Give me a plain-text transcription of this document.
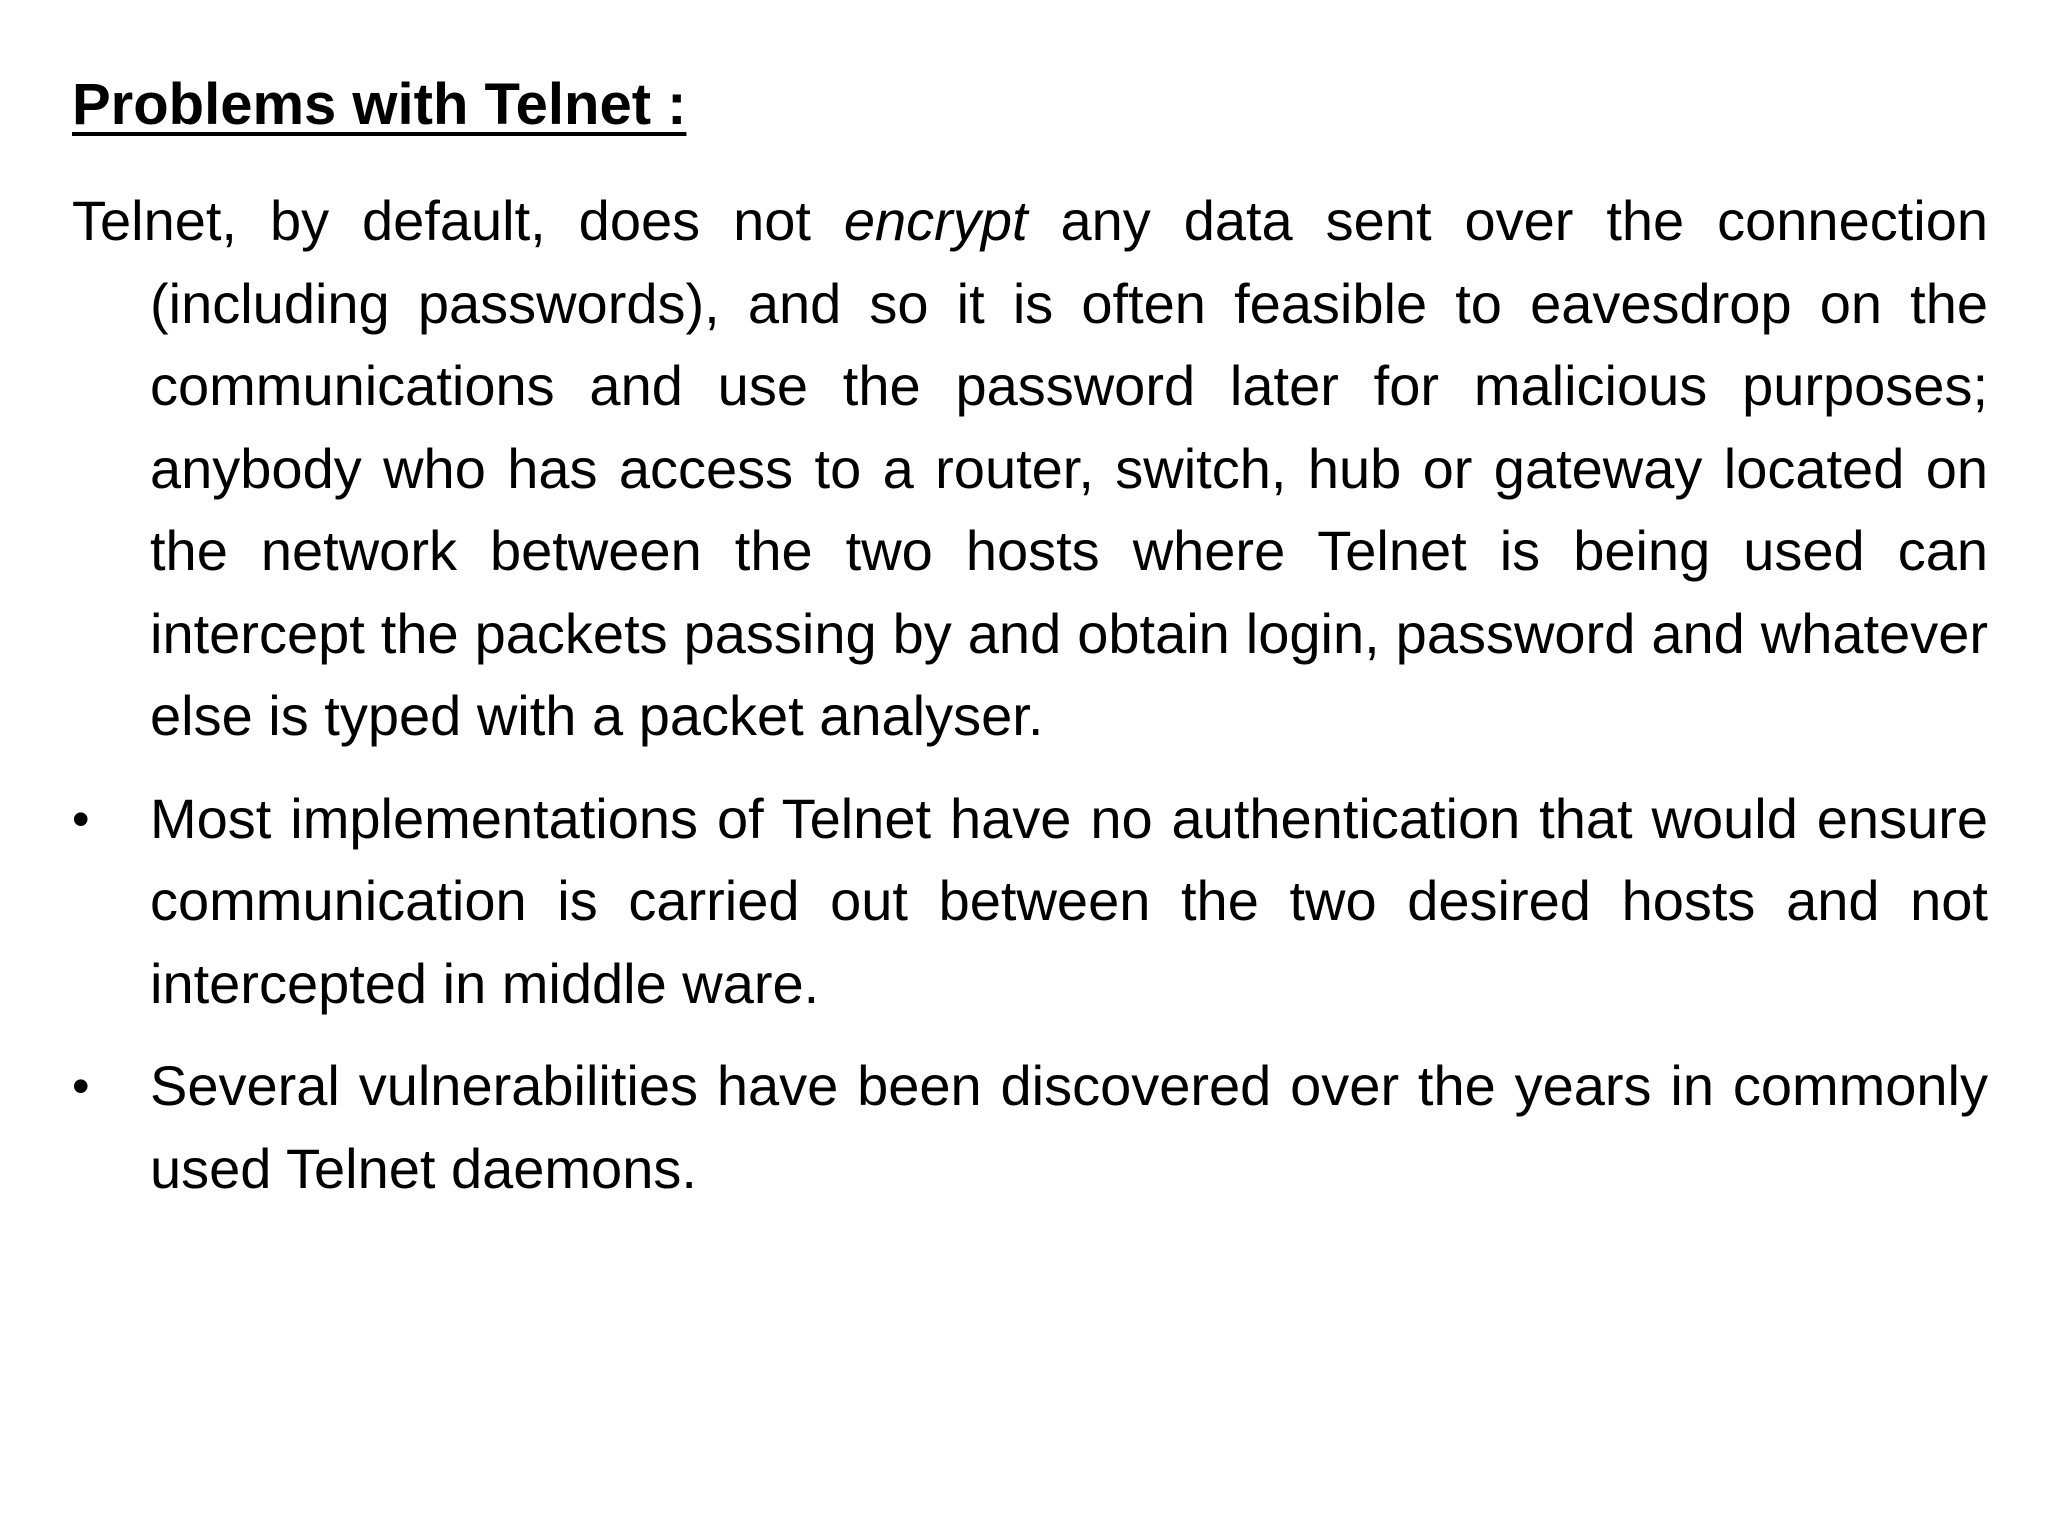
Problems with Telnet :

Telnet, by default, does not encrypt any data sent over the connection (including passwords), and so it is often feasible to eavesdrop on the communications and use the password later for malicious purposes; anybody who has access to a router, switch, hub or gateway located on the network between the two hosts where Telnet is being used can intercept the packets passing by and obtain login, password and whatever else is typed with a packet analyser.

•	Most implementations of Telnet have no authentication that would ensure communication is carried out between the two desired hosts and not intercepted in middle ware.
•	Several vulnerabilities have been discovered over the years in commonly used Telnet daemons.
